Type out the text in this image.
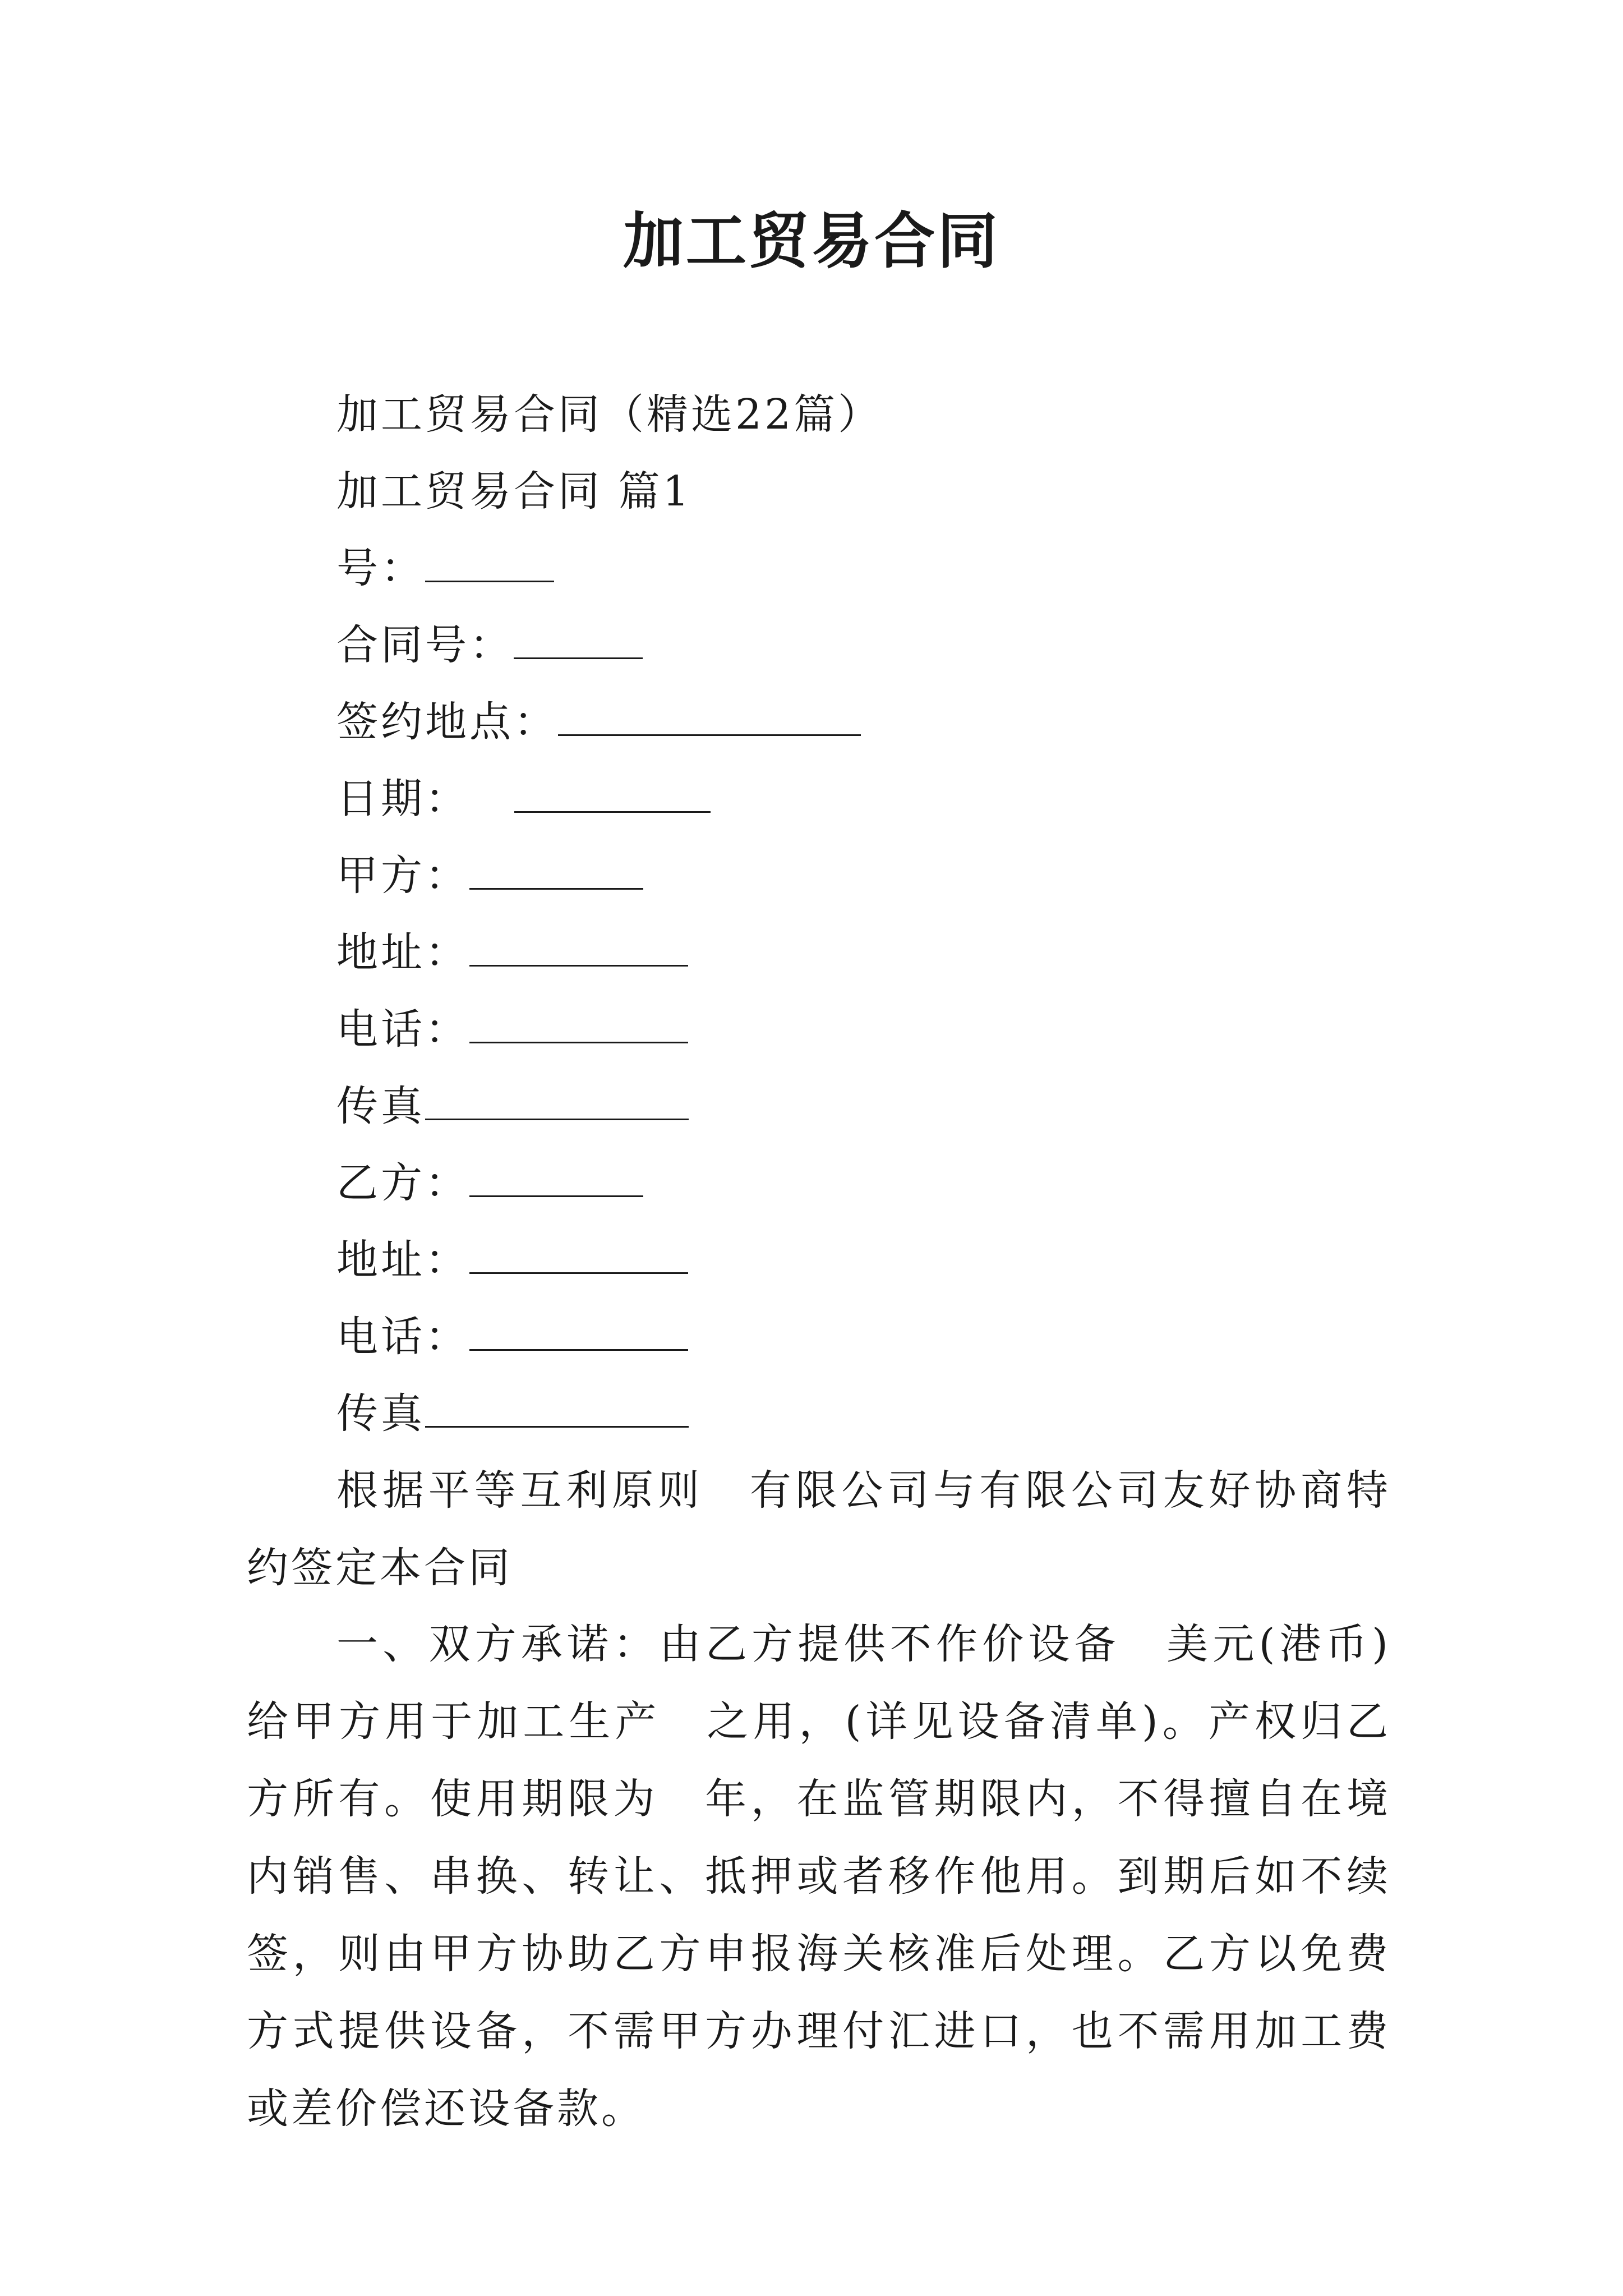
加工贸易合同
加工贸易合同（精选22篇）
加工贸易合同 篇1
号：
合同号：
签约地点：
日期：
甲方：
地址：
电话：
传真
乙方：
地址：
电话：
传真
根据平等互利原则　有限公司与有限公司友好协商特约签定本合同
一、双方承诺：由乙方提供不作价设备　美元(港币)给甲方用于加工生产　之用，(详见设备清单)。产权归乙方所有。使用期限为　年，在监管期限内，不得擅自在境内销售、串换、转让、抵押或者移作他用。到期后如不续签，则由甲方协助乙方申报海关核准后处理。乙方以免费方式提供设备，不需甲方办理付汇进口，也不需用加工费或差价偿还设备款。
